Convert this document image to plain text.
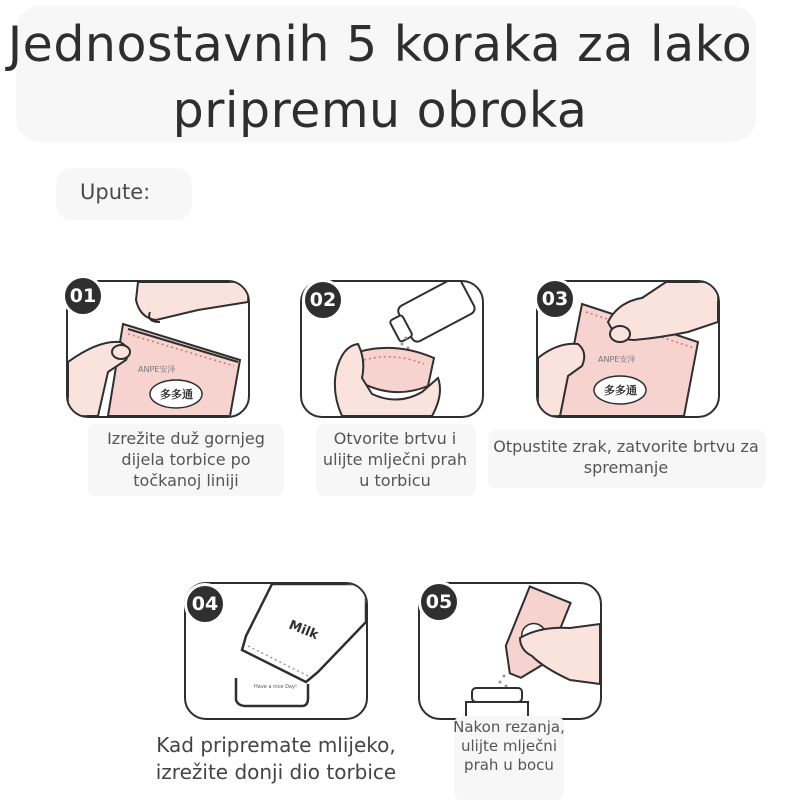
Jednostavnih 5 koraka za lako pripremu obroka
Upute:
ANPE安泽
多多通
01
Izrežite duž gornjeg dijela torbice po točkanoj liniji
02
Otvorite brtvu i ulijte mlječni prah u torbicu
ANPE安泽
多多通
03
Otpustite zrak, zatvorite brtvu za spremanje
Milk
Have a nice Day!
04
Kad pripremate mlijeko, izrežite donji dio torbice
05
Nakon rezanja, ulijte mlječni prah u bocu
